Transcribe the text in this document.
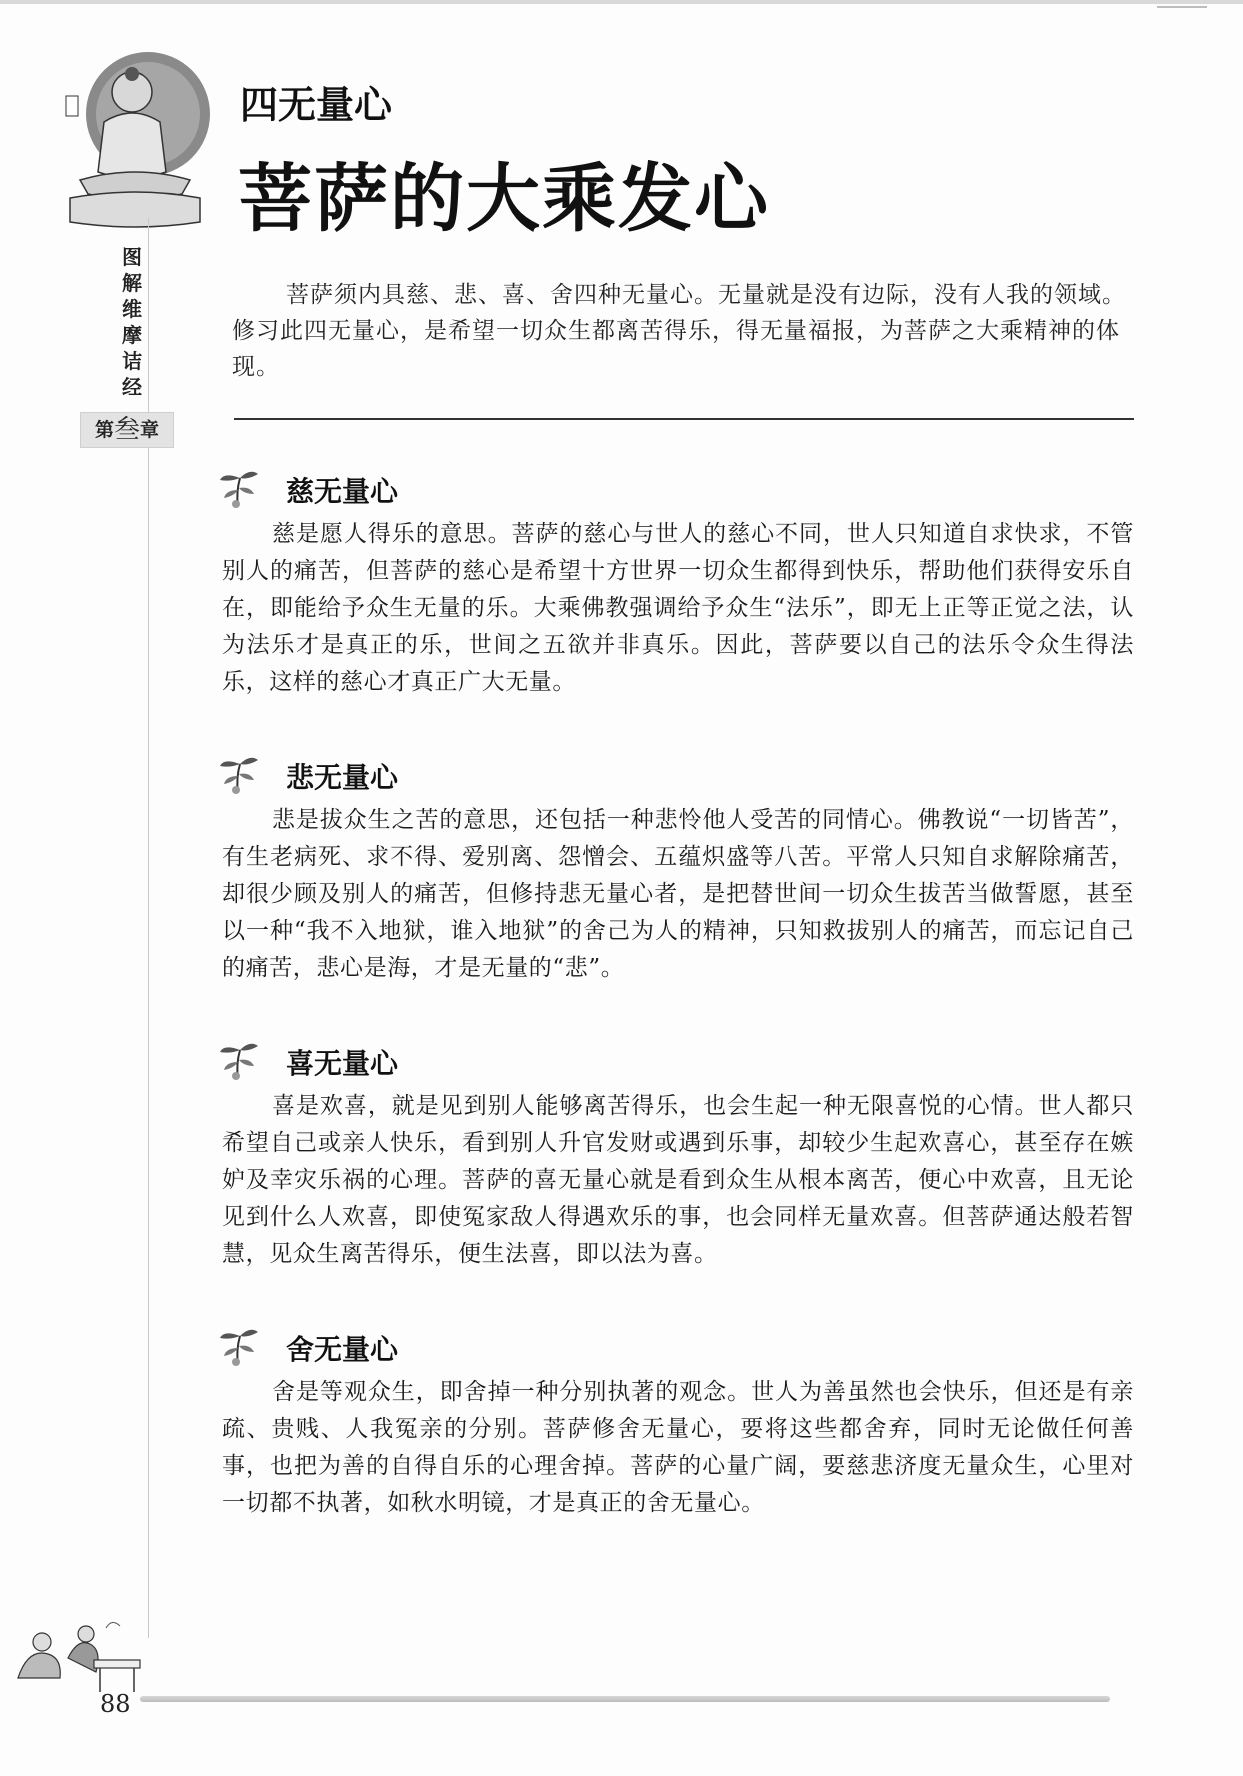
图
解
维
摩
诘
经
第叁章
四无量心
菩萨的大乘发心
菩萨须内具慈、悲、喜、舍四种无量心。无量就是没有边际，没有人我的领域。修习此四无量心，是希望一切众生都离苦得乐，得无量福报，为菩萨之大乘精神的体现。
慈无量心
慈是愿人得乐的意思。菩萨的慈心与世人的慈心不同，世人只知道自求快求，不管别人的痛苦，但菩萨的慈心是希望十方世界一切众生都得到快乐，帮助他们获得安乐自在，即能给予众生无量的乐。大乘佛教强调给予众生“法乐”，即无上正等正觉之法，认为法乐才是真正的乐，世间之五欲并非真乐。因此，菩萨要以自己的法乐令众生得法乐，这样的慈心才真正广大无量。
悲无量心
悲是拔众生之苦的意思，还包括一种悲怜他人受苦的同情心。佛教说“一切皆苦”，有生老病死、求不得、爱别离、怨憎会、五蕴炽盛等八苦。平常人只知自求解除痛苦，却很少顾及别人的痛苦，但修持悲无量心者，是把替世间一切众生拔苦当做誓愿，甚至以一种“我不入地狱，谁入地狱”的舍己为人的精神，只知救拔别人的痛苦，而忘记自己的痛苦，悲心是海，才是无量的“悲”。
喜无量心
喜是欢喜，就是见到别人能够离苦得乐，也会生起一种无限喜悦的心情。世人都只希望自己或亲人快乐，看到别人升官发财或遇到乐事，却较少生起欢喜心，甚至存在嫉妒及幸灾乐祸的心理。菩萨的喜无量心就是看到众生从根本离苦，便心中欢喜，且无论见到什么人欢喜，即使冤家敌人得遇欢乐的事，也会同样无量欢喜。但菩萨通达般若智慧，见众生离苦得乐，便生法喜，即以法为喜。
舍无量心
舍是等观众生，即舍掉一种分别执著的观念。世人为善虽然也会快乐，但还是有亲疏、贵贱、人我冤亲的分别。菩萨修舍无量心，要将这些都舍弃，同时无论做任何善事，也把为善的自得自乐的心理舍掉。菩萨的心量广阔，要慈悲济度无量众生，心里对一切都不执著，如秋水明镜，才是真正的舍无量心。
88
